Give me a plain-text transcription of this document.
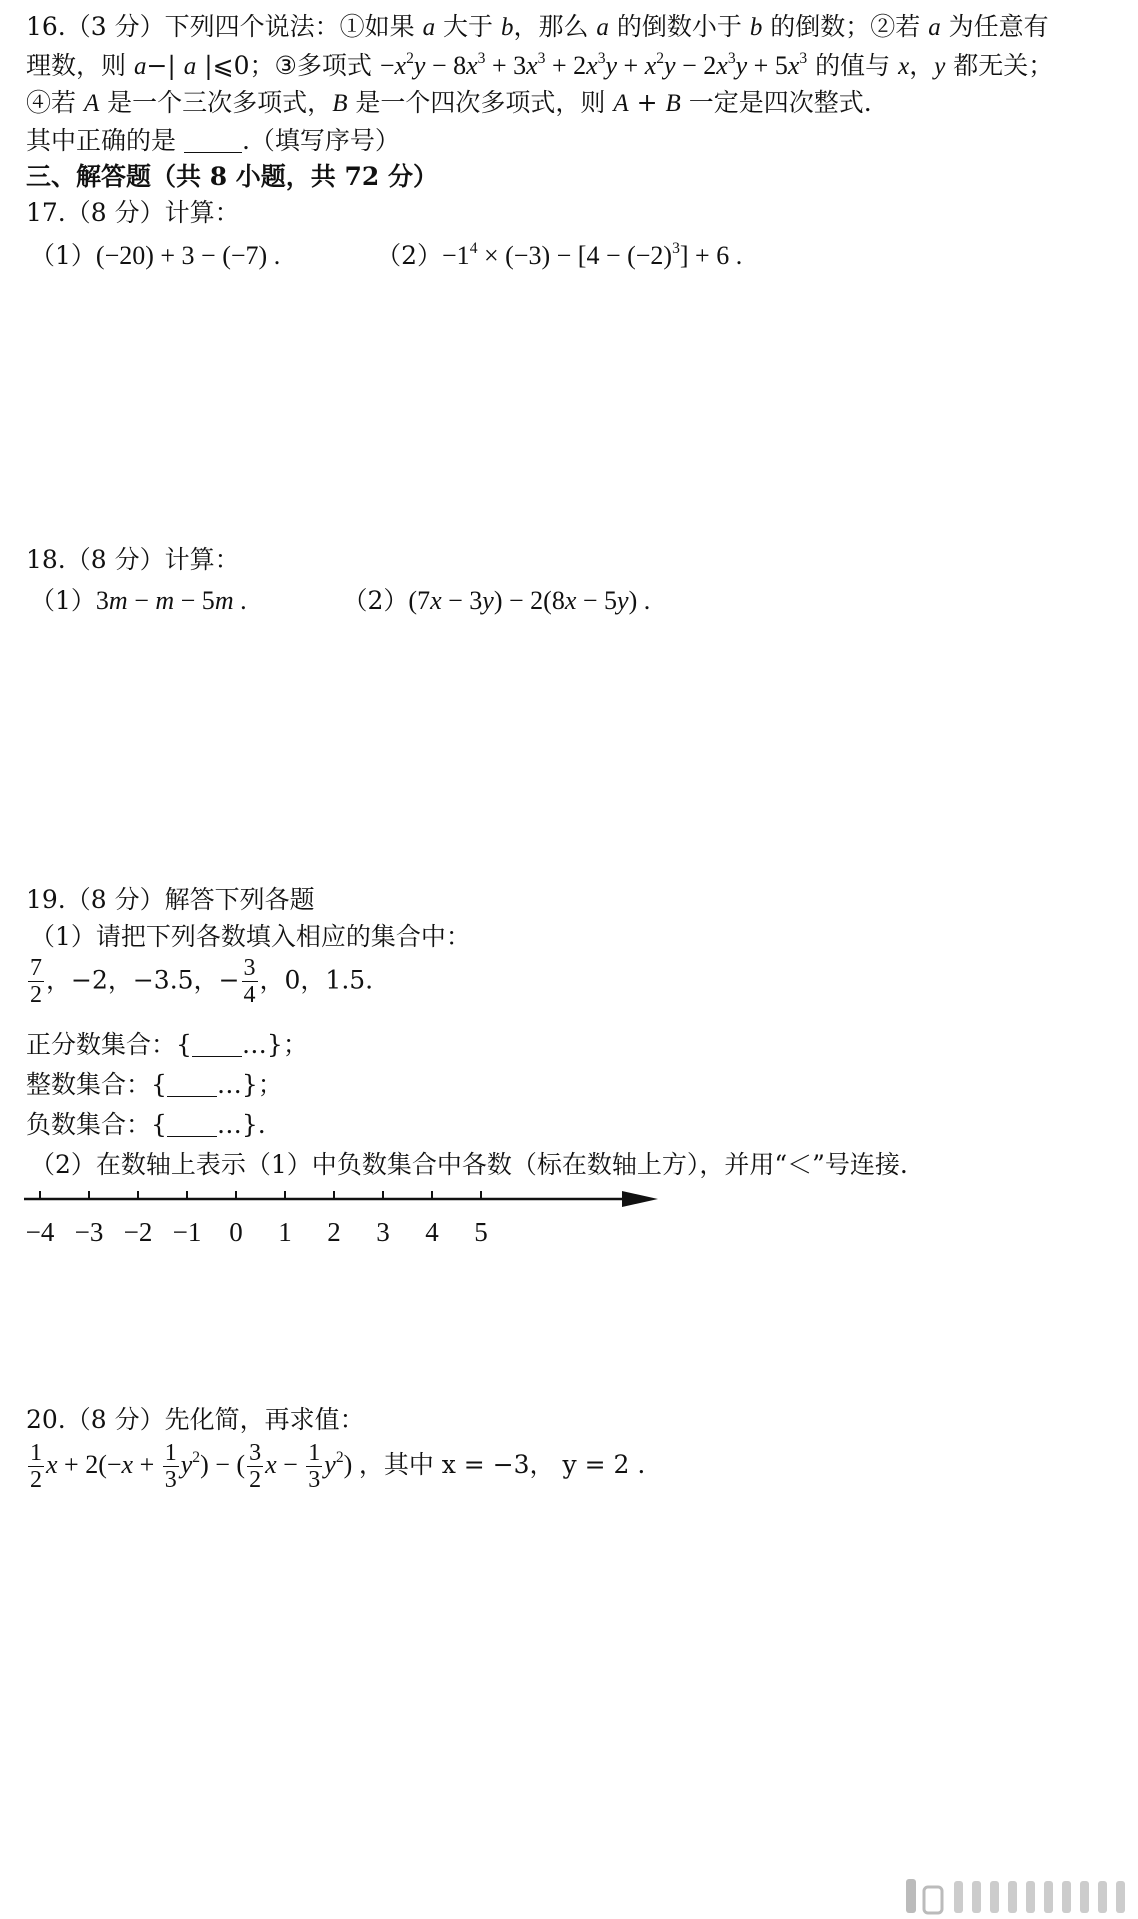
16.（3 分）下列四个说法：①如果 a 大于 b，那么 a 的倒数小于 b 的倒数；②若 a 为任意有
理数，则 a−| a |⩽0；③多项式 $-x^2y - 8x^3 + 3x^3 + 2x^3y + x^2y - 2x^3y + 5x^3$ 的值与 x，y 都无关；
④若 A 是一个三次多项式，B 是一个四次多项式，则 A + B 一定是四次整式.
其中正确的是	.（填写序号）
三、解答题（共 8 小题，共 72 分）
17.（8 分）计算：
（1）(−20) + 3 − (−7) .	$(2)-1^4 \times (-3) - [4 - (-2)^3] + 6$ .
18.（8 分）计算：
（1）3m − m − 5m .	（2）(7x − 3y) − 2(8x − 5y) .
19.（8 分）解答下列各题
（1）请把下列各数填入相应的集合中：
$\frac{7}{2}$ ，−2，−3.5，− $\frac{3}{4}$ ，0，1.5.
正分数集合：{ …}；
整数集合：{ …}；
负数集合：{ …}.
（2）在数轴上表示（1）中负数集合中各数（标在数轴上方），并用“＜”号连接.
−4 −3 −2 −1 0 1 2 3 4 5
20.（8 分）先化简，再求值：
$\frac{1}{2}$ $x + 2(-x + \frac{1}{3} y^2)$ − ( $\frac{3}{2}$ $x - \frac{1}{3} y^2$) ，其中 x = −3， y = 2 .
